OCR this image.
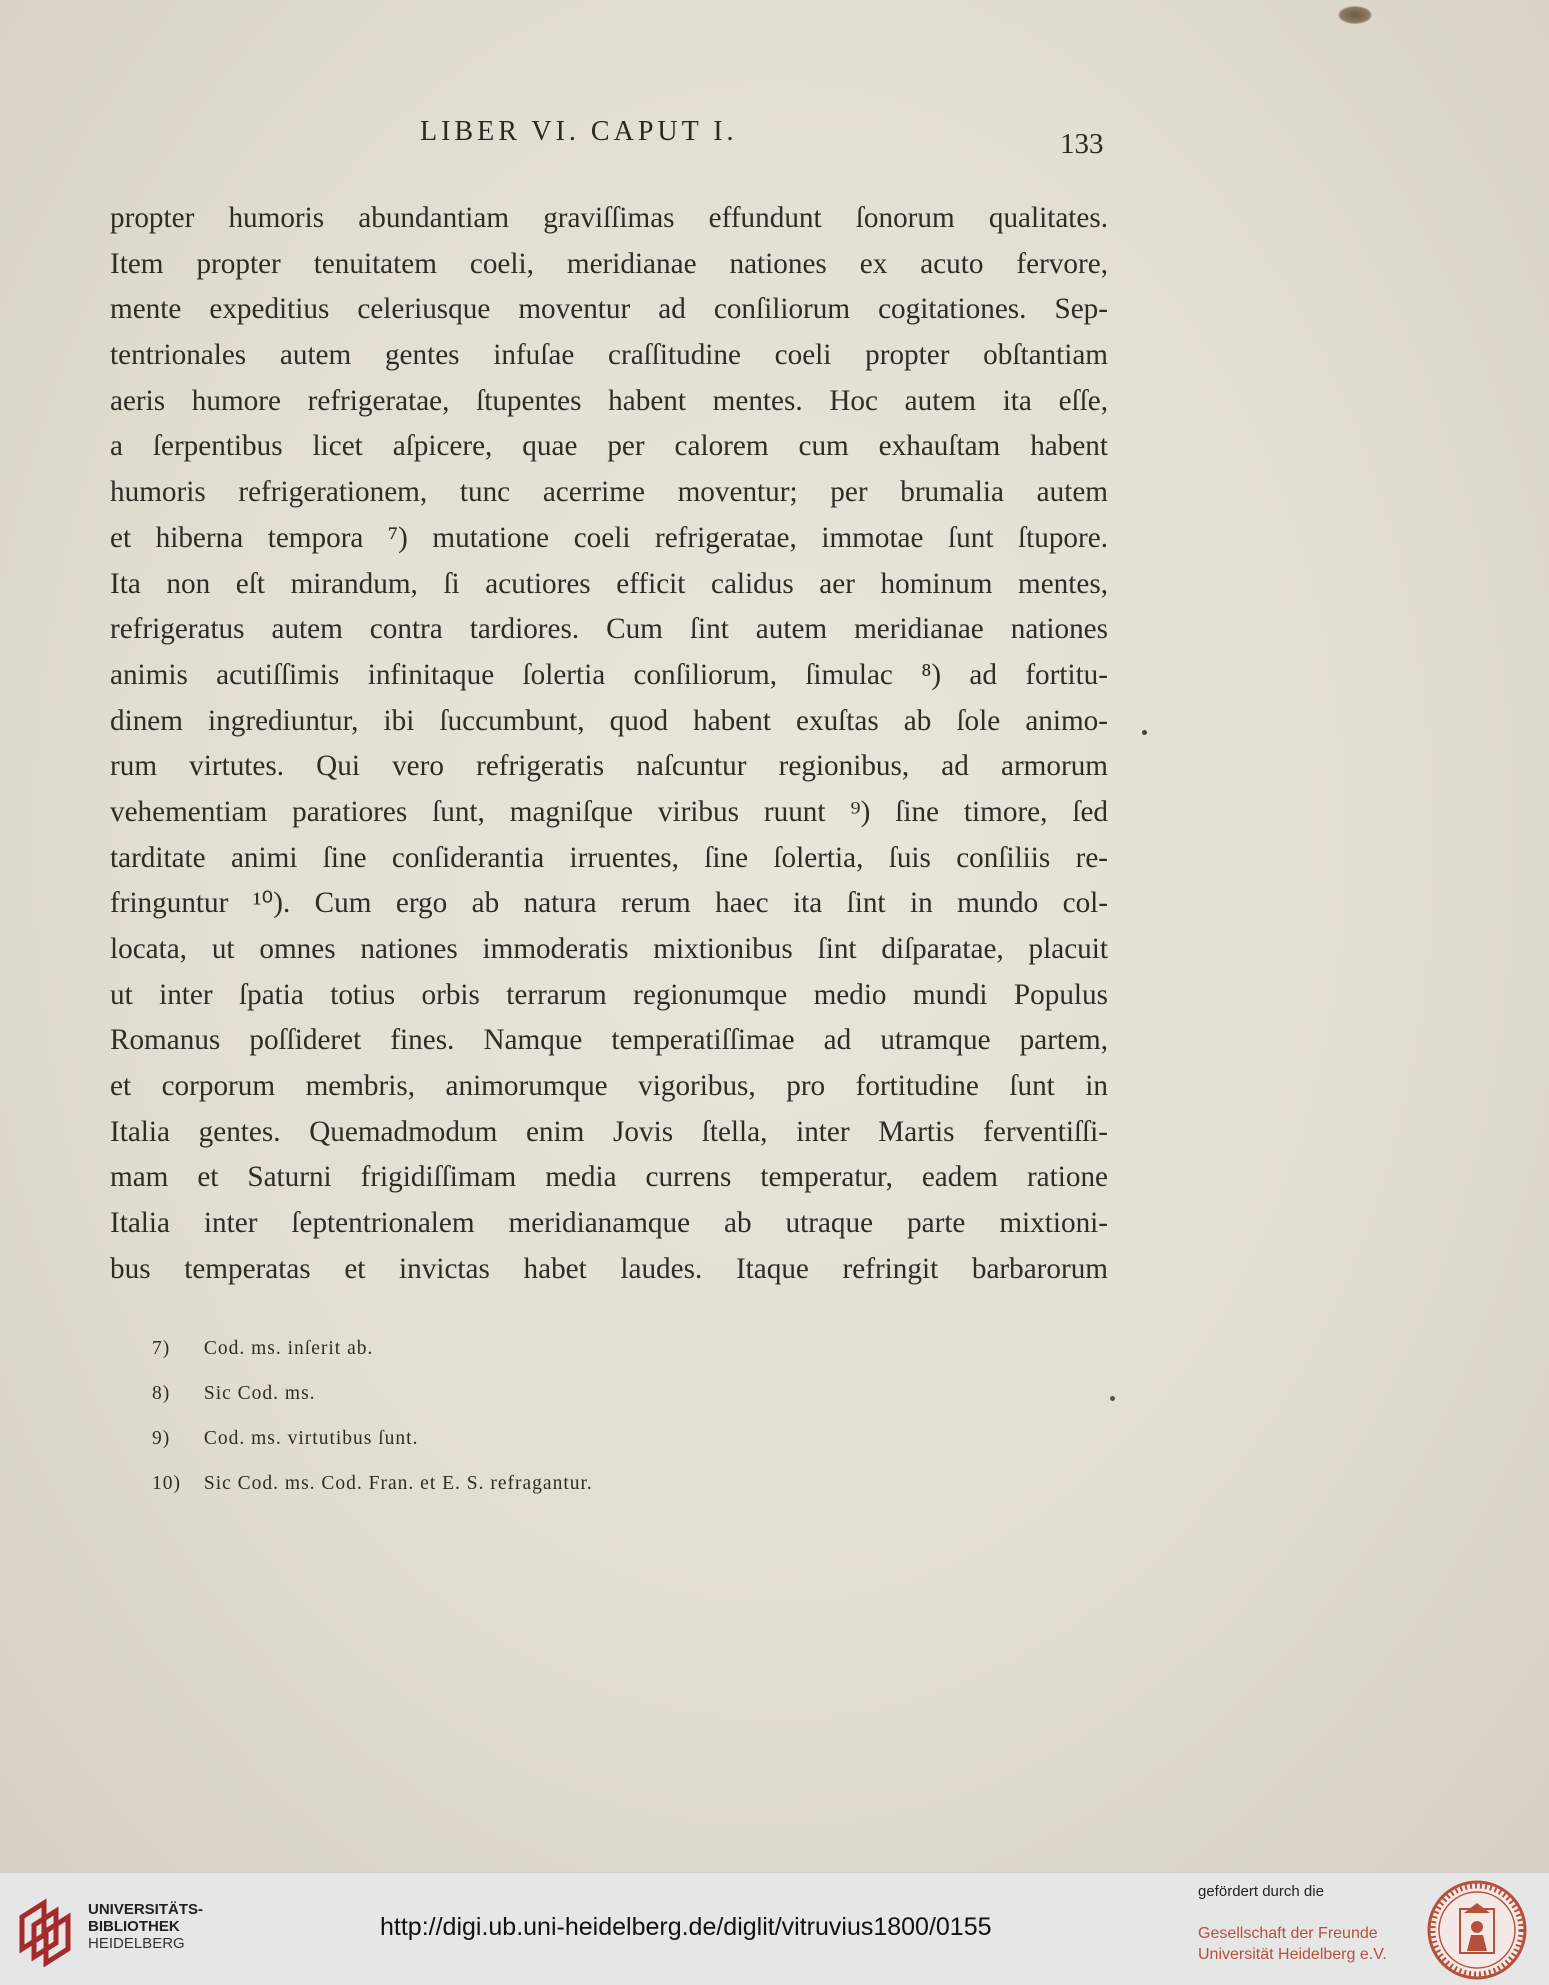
LIBER VI. CAPUT I.	133
propter humoris abundantiam graviſſimas effundunt ſonorum qualitates.
Item propter tenuitatem coeli, meridianae nationes ex acuto fervore,
mente expeditius celeriusque moventur ad conſiliorum cogitationes. Sep-
tentrionales autem gentes infuſae craſſitudine coeli propter obſtantiam
aeris humore refrigeratae, ſtupentes habent mentes. Hoc autem ita eſſe,
a ſerpentibus licet aſpicere, quae per calorem cum exhauſtam habent
humoris refrigerationem, tunc acerrime moventur; per brumalia autem
et hiberna tempora ⁷) mutatione coeli refrigeratae, immotae ſunt ſtupore.
Ita non eſt mirandum, ſi acutiores efficit calidus aer hominum mentes,
refrigeratus autem contra tardiores. Cum ſint autem meridianae nationes
animis acutiſſimis infinitaque ſolertia conſiliorum, ſimulac ⁸) ad fortitu-
dinem ingrediuntur, ibi ſuccumbunt, quod habent exuſtas ab ſole animo-
rum virtutes. Qui vero refrigeratis naſcuntur regionibus, ad armorum
vehementiam paratiores ſunt, magniſque viribus ruunt ⁹) ſine timore, ſed
tarditate animi ſine conſiderantia irruentes, ſine ſolertia, ſuis conſiliis re-
fringuntur ¹⁰). Cum ergo ab natura rerum haec ita ſint in mundo col-
locata, ut omnes nationes immoderatis mixtionibus ſint diſparatae, placuit
ut inter ſpatia totius orbis terrarum regionumque medio mundi Populus
Romanus poſſideret fines. Namque temperatiſſimae ad utramque partem,
et corporum membris, animorumque vigoribus, pro fortitudine ſunt in
Italia gentes. Quemadmodum enim Jovis ſtella, inter Martis ferventiſſi-
mam et Saturni frigidiſſimam media currens temperatur, eadem ratione
Italia inter ſeptentrionalem meridianamque ab utraque parte mixtioni-
bus temperatas et invictas habet laudes. Itaque refringit barbarorum
7) Cod. ms. inſerit ab.
8) Sic Cod. ms.
9) Cod. ms. virtutibus ſunt.
10) Sic Cod. ms. Cod. Fran. et E. S. refragantur.
UNIVERSITÄTS-
BIBLIOTHEK
HEIDELBERG
http://digi.ub.uni-heidelberg.de/diglit/vitruvius1800/0155
gefördert durch die
Gesellschaft der Freunde
Universität Heidelberg e.V.
